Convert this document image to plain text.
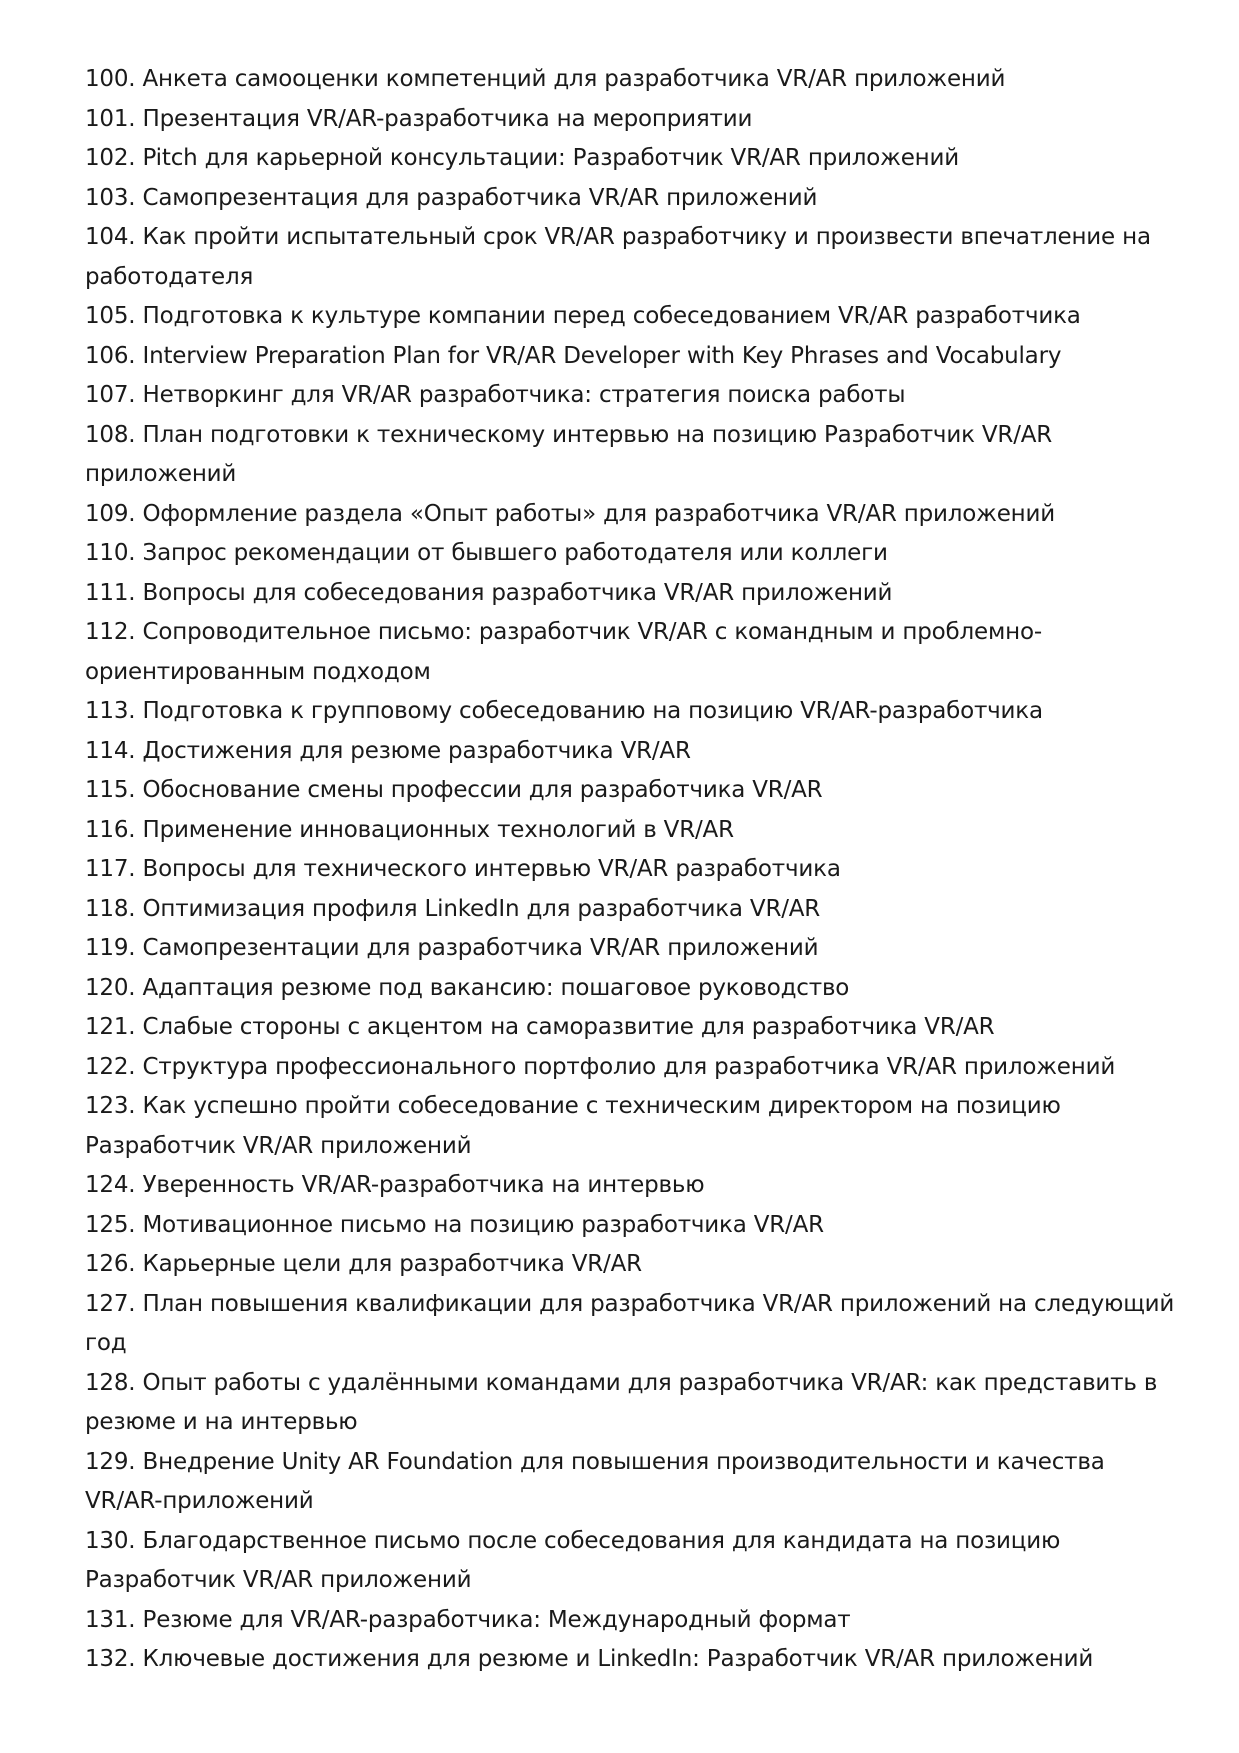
100. Анкета самооценки компетенций для разработчика VR/AR приложений

101. Презентация VR/AR-разработчика на мероприятии

102. Pitch для карьерной консультации: Разработчик VR/AR приложений

103. Самопрезентация для разработчика VR/AR приложений

104. Как пройти испытательный срок VR/AR разработчику и произвести впечатление на работодателя

105. Подготовка к культуре компании перед собеседованием VR/AR разработчика

106. Interview Preparation Plan for VR/AR Developer with Key Phrases and Vocabulary

107. Нетворкинг для VR/AR разработчика: стратегия поиска работы

108. План подготовки к техническому интервью на позицию Разработчик VR/AR приложений

109. Оформление раздела «Опыт работы» для разработчика VR/AR приложений

110. Запрос рекомендации от бывшего работодателя или коллеги

111. Вопросы для собеседования разработчика VR/AR приложений

112. Сопроводительное письмо: разработчик VR/AR с командным и проблемно-ориентированным подходом

113. Подготовка к групповому собеседованию на позицию VR/AR-разработчика

114. Достижения для резюме разработчика VR/AR

115. Обоснование смены профессии для разработчика VR/AR

116. Применение инновационных технологий в VR/AR

117. Вопросы для технического интервью VR/AR разработчика

118. Оптимизация профиля LinkedIn для разработчика VR/AR

119. Самопрезентации для разработчика VR/AR приложений

120. Адаптация резюме под вакансию: пошаговое руководство

121. Слабые стороны с акцентом на саморазвитие для разработчика VR/AR

122. Структура профессионального портфолио для разработчика VR/AR приложений

123. Как успешно пройти собеседование с техническим директором на позицию Разработчик VR/AR приложений

124. Уверенность VR/AR-разработчика на интервью

125. Мотивационное письмо на позицию разработчика VR/AR

126. Карьерные цели для разработчика VR/AR

127. План повышения квалификации для разработчика VR/AR приложений на следующий год

128. Опыт работы с удалёнными командами для разработчика VR/AR: как представить в резюме и на интервью

129. Внедрение Unity AR Foundation для повышения производительности и качества VR/AR-приложений

130. Благодарственное письмо после собеседования для кандидата на позицию Разработчик VR/AR приложений

131. Резюме для VR/AR-разработчика: Международный формат

132. Ключевые достижения для резюме и LinkedIn: Разработчик VR/AR приложений
